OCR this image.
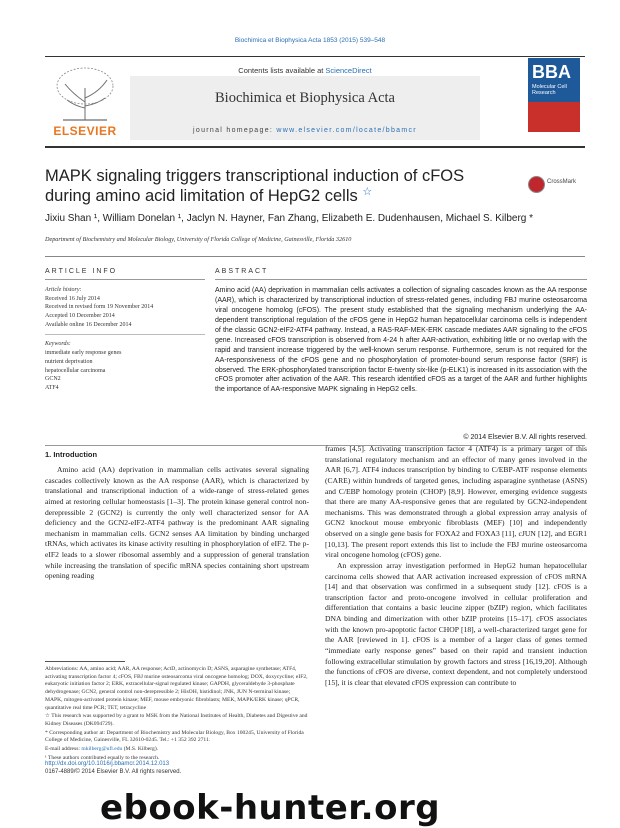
Biochimica et Biophysica Acta 1853 (2015) 539–548
ELSEVIER
Contents lists available at ScienceDirect
Biochimica et Biophysica Acta
journal homepage: www.elsevier.com/locate/bbamcr
BBA
Molecular Cell Research
MAPK signaling triggers transcriptional induction of cFOS during amino acid limitation of HepG2 cells ☆
CrossMark
Jixiu Shan ¹, William Donelan ¹, Jaclyn N. Hayner, Fan Zhang, Elizabeth E. Dudenhausen, Michael S. Kilberg *
Department of Biochemistry and Molecular Biology, University of Florida College of Medicine, Gainesville, Florida 32610
ARTICLE INFO
Article history:
Received 16 July 2014
Received in revised form 19 November 2014
Accepted 10 December 2014
Available online 16 December 2014
Keywords:
immediate early response genes
nutrient deprivation
hepatocellular carcinoma
GCN2
ATF4
ABSTRACT
Amino acid (AA) deprivation in mammalian cells activates a collection of signaling cascades known as the AA response (AAR), which is characterized by transcriptional induction of stress-related genes, including FBJ murine osteosarcoma viral oncogene homolog (cFOS). The present study established that the signaling mechanism underlying the AA-dependent transcriptional regulation of the cFOS gene in HepG2 human hepatocellular carcinoma cells is independent of the classic GCN2-eIF2-ATF4 pathway. Instead, a RAS-RAF-MEK-ERK cascade mediates AAR signaling to the cFOS gene. Increased cFOS transcription is observed from 4-24 h after AAR-activation, exhibiting little or no overlap with the rapid and transient increase triggered by the well-known serum response. Furthermore, serum is not required for the AA-responsiveness of the cFOS gene and no phosphorylation of promoter-bound serum response factor (SRF) is observed. The ERK-phosphorylated transcription factor E-twenty six-like (p-ELK1) is increased in its association with the cFOS promoter after activation of the AAR. This research identified cFOS as a target of the AAR and further highlights the importance of AA-responsive MAPK signaling in HepG2 cells.
© 2014 Elsevier B.V. All rights reserved.
1. Introduction

Amino acid (AA) deprivation in mammalian cells activates several signaling cascades collectively known as the AA response (AAR), which is characterized by translational and transcriptional induction of a wide-range of stress-related genes aimed at restoring cellular homeostasis [1–3]. The protein kinase general control non-derepressible 2 (GCN2) is currently the only well characterized sensor for AA deficiency and the GCN2-eIF2-ATF4 pathway is the predominant AAR signaling mechanism in mammalian cells. GCN2 senses AA limitation by binding uncharged tRNAs, which activates its kinase activity resulting in phosphorylation of eIF2. The p-eIF2 leads to a slower ribosomal assembly and a suppression of general translation while increasing the translation of specific mRNA species containing short upstream opening reading

frames [4,5]. Activating transcription factor 4 (ATF4) is a primary target of this translational regulatory mechanism and an effector of many genes involved in the AAR [6,7]. ATF4 induces transcription by binding to C/EBP-ATF response elements (CARE) within hundreds of targeted genes, including asparagine synthetase (ASNS) and C/EBP homology protein (CHOP) [8,9]. However, emerging evidence suggests that there are many AA-responsive genes that are regulated by GCN2-independent mechanisms. This was demonstrated through a global expression array analysis of GCN2 knockout mouse embryonic fibroblasts (MEF) [10] and independently observed on a single gene basis for FOXA2 and FOXA3 [11], cJUN [12], and EGR1 [10,13]. The present report extends this list to include the FBJ murine osteosarcoma viral oncogene homolog (cFOS) gene.

An expression array investigation performed in HepG2 human hepatocellular carcinoma cells showed that AAR activation increased expression of cFOS mRNA [14] and that observation was confirmed in a subsequent study [12]. cFOS is a transcription factor and proto-oncogene involved in cellular proliferation and differentiation that contains a basic leucine zipper (bZIP) region, which facilitates DNA binding and dimerization with other bZIP proteins [15–17]. cFOS associates with the known pro-apoptotic factor CHOP [18], a well-characterized target gene for the AAR [reviewed in 1]. cFOS is a member of a larger class of genes termed “immediate early response genes” based on their rapid and transient induction following extracellular stimulation by growth factors and stress [16,19,20]. Although the functions of cFOS are diverse, context dependent, and not completely understood [15], it is clear that elevated cFOS expression can contribute to

Abbreviations: AA, amino acid; AAR, AA response; ActD, actinomycin D; ASNS, asparagine synthetase; ATF4, activating transcription factor 4; cFOS, FBJ murine osteosarcoma viral oncogene homolog; DOX, doxycycline; eIF2, eukaryotic initiation factor 2; ERK, extracellular-signal regulated kinase; GAPDH, glyceraldehyde 3-phosphate dehydrogenase; GCN2, general control non-derepressible 2; HisOH, histidinol; JNK, JUN N-terminal kinase; MAPK, mitogen-activated protein kinase; MEF, mouse embryonic fibroblasts; MEK, MAPK/ERK kinase; qPCR, quantitative real time PCR; TET, tetracycline

☆ This research was supported by a grant to MSK from the National Institutes of Health, Diabetes and Digestive and Kidney Diseases (DK094729).

* Corresponding author at: Department of Biochemistry and Molecular Biology, Box 100245, University of Florida College of Medicine, Gainesville, FL 32610-0245. Tel.: +1 352 392 2711.

E-mail address: mkilberg@ufl.edu (M.S. Kilberg).

¹ These authors contributed equally to the research.

http://dx.doi.org/10.1016/j.bbamcr.2014.12.013
0167-4889/© 2014 Elsevier B.V. All rights reserved.
ebook-hunter.org
